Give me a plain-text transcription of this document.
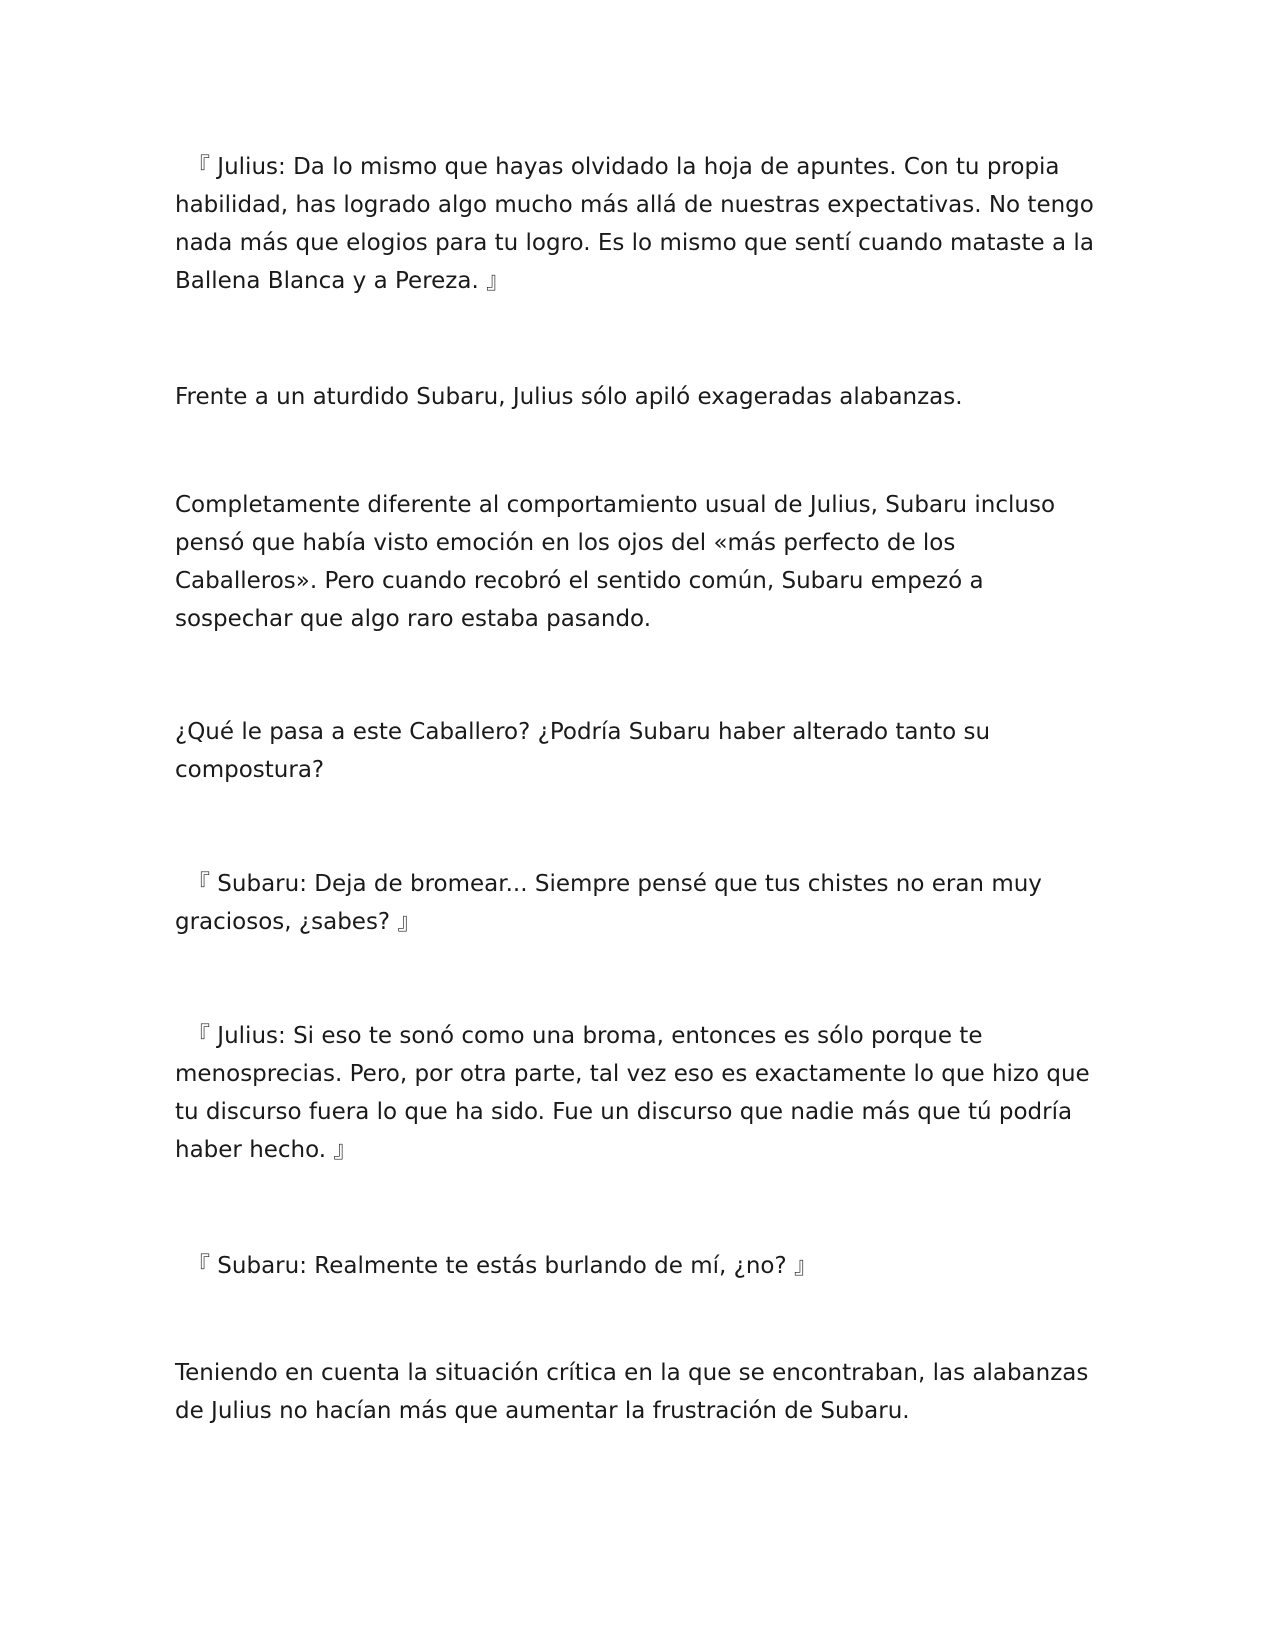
『 Julius: Da lo mismo que hayas olvidado la hoja de apuntes. Con tu propia habilidad, has logrado algo mucho más allá de nuestras expectativas. No tengo nada más que elogios para tu logro. Es lo mismo que sentí cuando mataste a la Ballena Blanca y a Pereza. 』

Frente a un aturdido Subaru, Julius sólo apiló exageradas alabanzas.

Completamente diferente al comportamiento usual de Julius, Subaru incluso pensó que había visto emoción en los ojos del «más perfecto de los Caballeros». Pero cuando recobró el sentido común, Subaru empezó a sospechar que algo raro estaba pasando.

¿Qué le pasa a este Caballero? ¿Podría Subaru haber alterado tanto su compostura?

『 Subaru: Deja de bromear... Siempre pensé que tus chistes no eran muy graciosos, ¿sabes? 』

『 Julius: Si eso te sonó como una broma, entonces es sólo porque te menosprecias. Pero, por otra parte, tal vez eso es exactamente lo que hizo que tu discurso fuera lo que ha sido. Fue un discurso que nadie más que tú podría haber hecho. 』

『 Subaru: Realmente te estás burlando de mí, ¿no? 』

Teniendo en cuenta la situación crítica en la que se encontraban, las alabanzas de Julius no hacían más que aumentar la frustración de Subaru.
